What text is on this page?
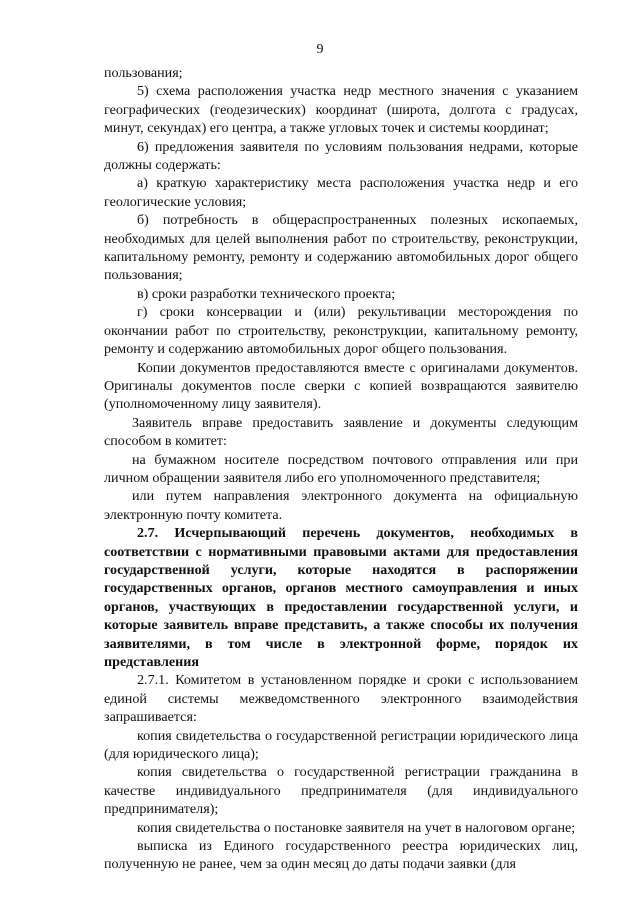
9

пользования;

5) схема расположения участка недр местного значения с указанием географических (геодезических) координат (широта, долгота с градусах, минут, секундах) его центра, а также угловых точек и системы координат;

6) предложения заявителя по условиям пользования недрами, которые должны содержать:

а) краткую характеристику места расположения участка недр и его геологические условия;

б) потребность в общераспространенных полезных ископаемых, необходимых для целей выполнения работ по строительству, реконструкции, капитальному ремонту, ремонту и содержанию автомобильных дорог общего пользования;

в) сроки разработки технического проекта;

г) сроки консервации и (или) рекультивации месторождения по окончании работ по строительству, реконструкции, капитальному ремонту, ремонту и содержанию автомобильных дорог общего пользования.

Копии документов предоставляются вместе с оригиналами документов. Оригиналы документов после сверки с копией возвращаются заявителю (уполномоченному лицу заявителя).

Заявитель вправе предоставить заявление и документы следующим способом в комитет:

на бумажном носителе посредством почтового отправления или при личном обращении заявителя либо его уполномоченного представителя;

или путем направления электронного документа на официальную электронную почту комитета.

2.7. Исчерпывающий перечень документов, необходимых в соответствии с нормативными правовыми актами для предоставления государственной услуги, которые находятся в распоряжении государственных органов, органов местного самоуправления и иных органов, участвующих в предоставлении государственной услуги, и которые заявитель вправе представить, а также способы их получения заявителями, в том числе в электронной форме, порядок их представления

2.7.1. Комитетом в установленном порядке и сроки с использованием единой системы межведомственного электронного взаимодействия запрашивается:

копия свидетельства о государственной регистрации юридического лица (для юридического лица);

копия свидетельства о государственной регистрации гражданина в качестве индивидуального предпринимателя (для индивидуального предпринимателя);

копия свидетельства о постановке заявителя на учет в налоговом органе;

выписка из Единого государственного реестра юридических лиц, полученную не ранее, чем за один месяц до даты подачи заявки (для
